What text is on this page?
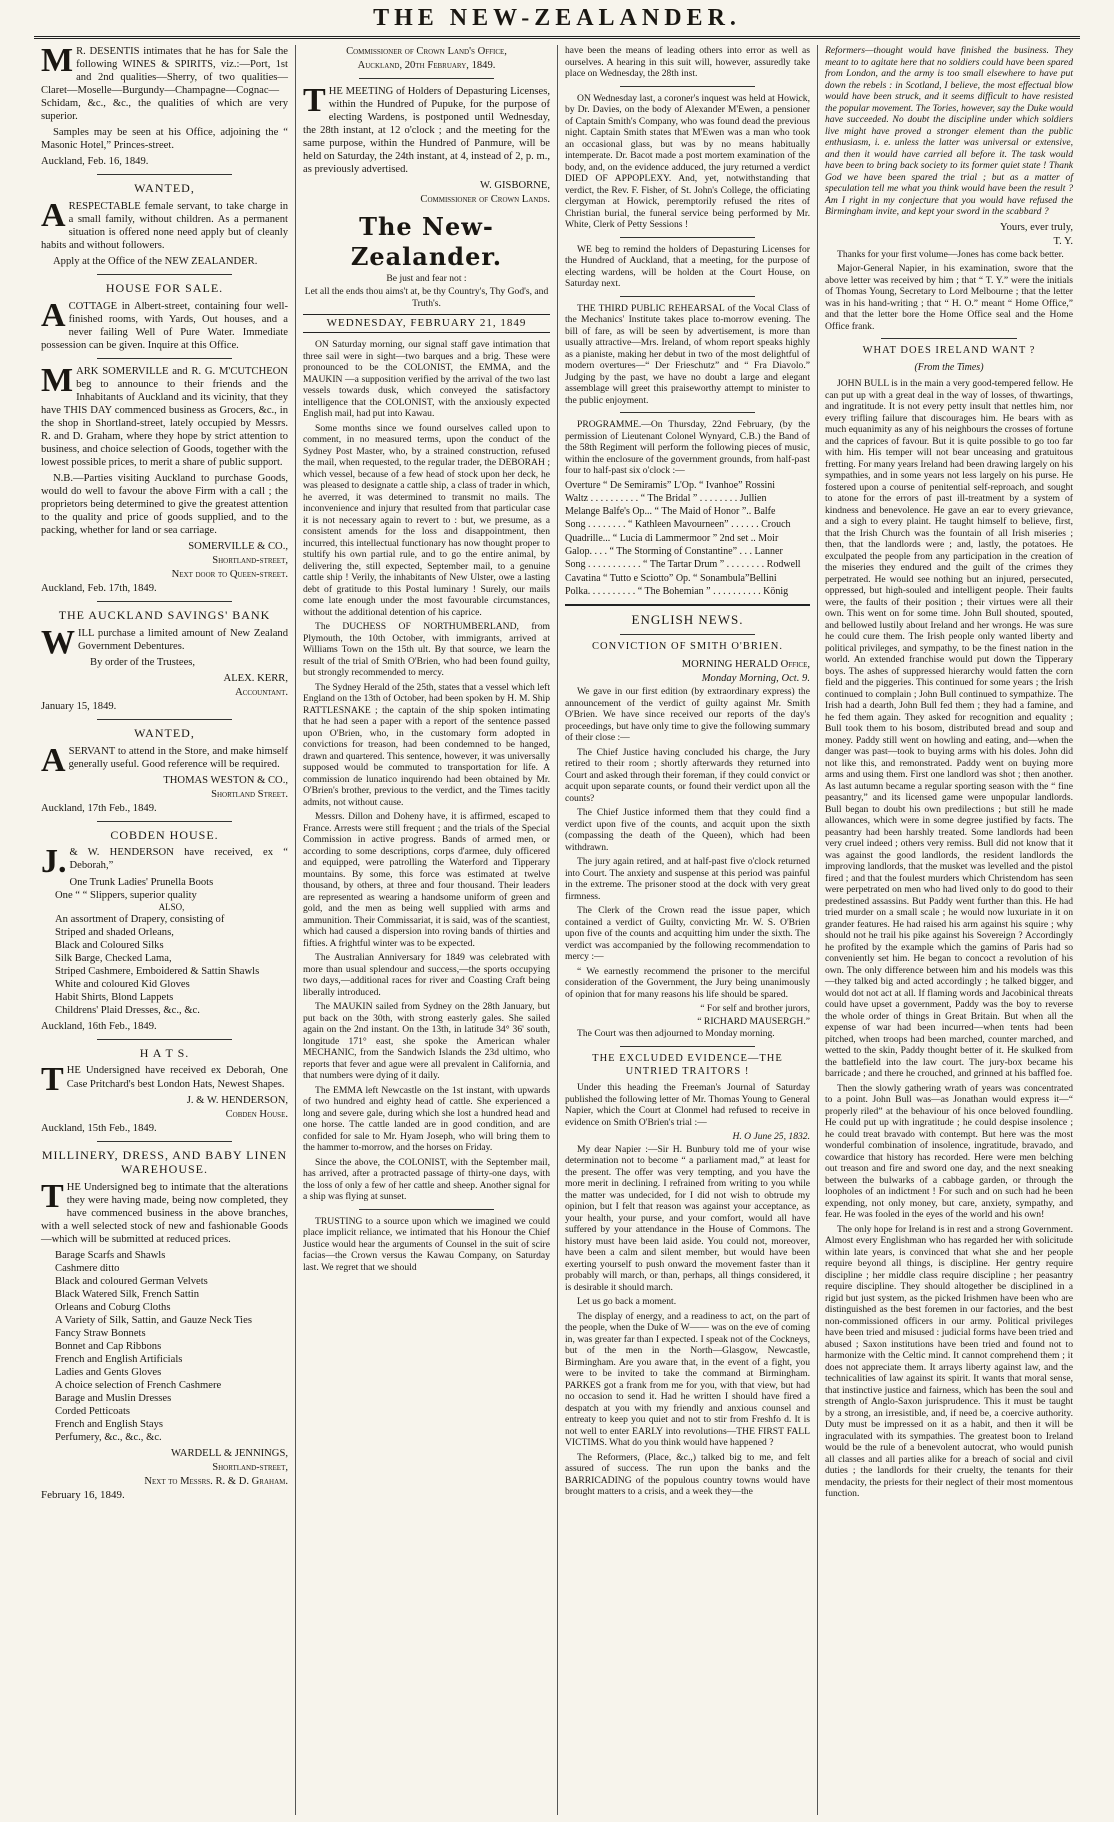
THE NEW-ZEALANDER.

M R. DESENTIS intimates that he has for Sale the following WINES & SPIRITS, viz.:—Port, 1st and 2nd qualities—Sherry, of two qualities—Claret—Moselle—Burgundy—Champagne—Cognac—Schidam, &c., &c., the qualities of which are very superior.

Samples may be seen at his Office, adjoining the “ Masonic Hotel,” Princes-street.

Auckland, Feb. 16, 1849.

WANTED,

ARESPECTABLE female servant, to take charge in a small family, without children. As a permanent situation is offered none need apply but of cleanly habits and without followers.

Apply at the Office of the NEW ZEALANDER.

HOUSE FOR SALE.

ACOTTAGE in Albert-street, containing four well-finished rooms, with Yards, Out houses, and a never failing Well of Pure Water. Immediate possession can be given. Inquire at this Office.

MARK SOMERVILLE and R. G. M'CUTCHEON beg to announce to their friends and the Inhabitants of Auckland and its vicinity, that they have THIS DAY commenced business as Grocers, &c., in the shop in Shortland-street, lately occupied by Messrs. R. and D. Graham, where they hope by strict attention to business, and choice selection of Goods, together with the lowest possible prices, to merit a share of public support.

N.B.—Parties visiting Auckland to purchase Goods, would do well to favour the above Firm with a call ; the proprietors being determined to give the greatest attention to the quality and price of goods supplied, and to the packing, whether for land or sea carriage.

SOMERVILLE & CO.,

Shortland-street,

Next door to Queen-street.

Auckland, Feb. 17th, 1849.

THE AUCKLAND SAVINGS' BANK

WILL purchase a limited amount of New Zealand Government Debentures.

By order of the Trustees,

ALEX. KERR,

Accountant.

January 15, 1849.

WANTED,

ASERVANT to attend in the Store, and make himself generally useful. Good reference will be required.

THOMAS WESTON & CO.,

Shortland Street.

Auckland, 17th Feb., 1849.

COBDEN HOUSE.

J. & W. HENDERSON have received, ex “ Deborah,”

One Trunk Ladies' Prunella Boots
One “ “ Slippers, superior quality
ALSO,
An assortment of Drapery, consisting of
Striped and shaded Orleans,
Black and Coloured Silks
Silk Barge, Checked Lama,
Striped Cashmere, Emboidered & Sattin Shawls
White and coloured Kid Gloves
Habit Shirts, Blond Lappets
Childrens' Plaid Dresses, &c., &c.

Auckland, 16th Feb., 1849.

H A T S.

THE Undersigned have received ex Deborah, One Case Pritchard's best London Hats, Newest Shapes.

J. & W. HENDERSON,

Cobden House.

Auckland, 15th Feb., 1849.

MILLINERY, DRESS, AND BABY LINEN WAREHOUSE.

THE Undersigned beg to intimate that the alterations they were having made, being now completed, they have commenced business in the above branches, with a well selected stock of new and fashionable Goods—which will be submitted at reduced prices.

Barage Scarfs and Shawls
Cashmere ditto
Black and coloured German Velvets
Black Watered Silk, French Sattin
Orleans and Coburg Cloths
A Variety of Silk, Sattin, and Gauze Neck Ties
Fancy Straw Bonnets
Bonnet and Cap Ribbons
French and English Artificials
Ladies and Gents Gloves
A choice selection of French Cashmere
Barage and Muslin Dresses
Corded Petticoats
French and English Stays
Perfumery, &c., &c., &c.

WARDELL & JENNINGS,

Shortland-street,

Next to Messrs. R. & D. Graham.

February 16, 1849.

Commissioner of Crown Land's Office,

Auckland, 20th February, 1849.

THE MEETING of Holders of Depasturing Licenses, within the Hundred of Pupuke, for the purpose of electing Wardens, is postponed until Wednesday, the 28th instant, at 12 o'clock ; and the meeting for the same purpose, within the Hundred of Panmure, will be held on Saturday, the 24th instant, at 4, instead of 2, p. m., as previously advertised.

W. GISBORNE,

Commissioner of Crown Lands.

The New-Zealander.

Be just and fear not :

Let all the ends thou aims't at, be thy Country's, Thy God's, and Truth's.

WEDNESDAY, FEBRUARY 21, 1849

ON Saturday morning, our signal staff gave intimation that three sail were in sight—two barques and a brig. These were pronounced to be the COLONIST, the EMMA, and the MAUKIN —a supposition verified by the arrival of the two last vessels towards dusk, which conveyed the satisfactory intelligence that the COLONIST, with the anxiously expected English mail, had put into Kawau.

Some months since we found ourselves called upon to comment, in no measured terms, upon the conduct of the Sydney Post Master, who, by a strained construction, refused the mail, when requested, to the regular trader, the DEBORAH ; which vessel, because of a few head of stock upon her deck, he was pleased to designate a cattle ship, a class of trader in which, he averred, it was determined to transmit no mails. The inconvenience and injury that resulted from that particular case it is not necessary again to revert to : but, we presume, as a consistent amends for the loss and disappointment, then incurred, this intellectual functionary has now thought proper to stultify his own partial rule, and to go the entire animal, by delivering the, still expected, September mail, to a genuine cattle ship ! Verily, the inhabitants of New Ulster, owe a lasting debt of gratitude to this Postal luminary ! Surely, our mails come late enough under the most favourable circumstances, without the additional detention of his caprice.

The DUCHESS OF NORTHUMBERLAND, from Plymouth, the 10th October, with immigrants, arrived at Williams Town on the 15th ult. By that source, we learn the result of the trial of Smith O'Brien, who had been found guilty, but strongly recommended to mercy.

The Sydney Herald of the 25th, states that a vessel which left England on the 13th of October, had been spoken by H. M. Ship RATTLESNAKE ; the captain of the ship spoken intimating that he had seen a paper with a report of the sentence passed upon O'Brien, who, in the customary form adopted in convictions for treason, had been condemned to be hanged, drawn and quartered. This sentence, however, it was universally supposed would be commuted to transportation for life. A commission de lunatico inquirendo had been obtained by Mr. O'Brien's brother, previous to the verdict, and the Times tacitly admits, not without cause.

Messrs. Dillon and Doheny have, it is affirmed, escaped to France. Arrests were still frequent ; and the trials of the Special Commission in active progress. Bands of armed men, or according to some descriptions, corps d'armee, duly officered and equipped, were patrolling the Waterford and Tipperary mountains. By some, this force was estimated at twelve thousand, by others, at three and four thousand. Their leaders are represented as wearing a handsome uniform of green and gold, and the men as being well supplied with arms and ammunition. Their Commissariat, it is said, was of the scantiest, which had caused a dispersion into roving bands of thirties and fifties. A frightful winter was to be expected.

The Australian Anniversary for 1849 was celebrated with more than usual splendour and success,—the sports occupying two days,—additional races for river and Coasting Craft being liberally introduced.

The MAUKIN sailed from Sydney on the 28th January, but put back on the 30th, with strong easterly gales. She sailed again on the 2nd instant. On the 13th, in latitude 34° 36' south, longitude 171° east, she spoke the American whaler MECHANIC, from the Sandwich Islands the 23d ultimo, who reports that fever and ague were all prevalent in California, and that numbers were dying of it daily.

The EMMA left Newcastle on the 1st instant, with upwards of two hundred and eighty head of cattle. She experienced a long and severe gale, during which she lost a hundred head and one horse. The cattle landed are in good condition, and are confided for sale to Mr. Hyam Joseph, who will bring them to the hammer to-morrow, and the horses on Friday.

Since the above, the COLONIST, with the September mail, has arrived, after a protracted passage of thirty-one days, with the loss of only a few of her cattle and sheep. Another signal for a ship was flying at sunset.

TRUSTING to a source upon which we imagined we could place implicit reliance, we intimated that his Honour the Chief Justice would hear the arguments of Counsel in the suit of scire facias—the Crown versus the Kawau Company, on Saturday last. We regret that we should

have been the means of leading others into error as well as ourselves. A hearing in this suit will, however, assuredly take place on Wednesday, the 28th inst.

ON Wednesday last, a coroner's inquest was held at Howick, by Dr. Davies, on the body of Alexander M'Ewen, a pensioner of Captain Smith's Company, who was found dead the previous night. Captain Smith states that M'Ewen was a man who took an occasional glass, but was by no means habitually intemperate. Dr. Bacot made a post mortem examination of the body, and, on the evidence adduced, the jury returned a verdict DIED OF APPOPLEXY. And, yet, notwithstanding that verdict, the Rev. F. Fisher, of St. John's College, the officiating clergyman at Howick, peremptorily refused the rites of Christian burial, the funeral service being performed by Mr. White, Clerk of Petty Sessions !

WE beg to remind the holders of Depasturing Licenses for the Hundred of Auckland, that a meeting, for the purpose of electing wardens, will be holden at the Court House, on Saturday next.

THE THIRD PUBLIC REHEARSAL of the Vocal Class of the Mechanics' Institute takes place to-morrow evening. The bill of fare, as will be seen by advertisement, is more than usually attractive—Mrs. Ireland, of whom report speaks highly as a pianiste, making her debut in two of the most delightful of modern overtures—“ Der Frieschutz” and “ Fra Diavolo.” Judging by the past, we have no doubt a large and elegant assemblage will greet this praiseworthy attempt to minister to the public enjoyment.

PROGRAMME.—On Thursday, 22nd February, (by the permission of Lieutenant Colonel Wynyard, C.B.) the Band of the 58th Regiment will perform the following pieces of music, within the enclosure of the government grounds, from half-past four to half-past six o'clock :—

Overture “ De Semiramis” L'Op. “ Ivanhoe” Rossini

Waltz . . . . . . . . . . “ The Bridal ” . . . . . . . . Jullien

Melange Balfe's Op... “ The Maid of Honor ”.. Balfe

Song . . . . . . . . “ Kathleen Mavourneen” . . . . . . Crouch

Quadrille... “ Lucia di Lammermoor ” 2nd set .. Moir

Galop. . . . “ The Storming of Constantine” . . . Lanner

Song . . . . . . . . . . . “ The Tartar Drum ” . . . . . . . . Rodwell

Cavatina “ Tutto e Sciotto” Op. “ Sonambula”Bellini

Polka. . . . . . . . . . “ The Bohemian ” . . . . . . . . . . König

ENGLISH NEWS.
CONVICTION OF SMITH O'BRIEN.

MORNING HERALD Office,

Monday Morning, Oct. 9.

We gave in our first edition (by extraordinary express) the announcement of the verdict of guilty against Mr. Smith O'Brien. We have since received our reports of the day's proceedings, but have only time to give the following summary of their close :—

The Chief Justice having concluded his charge, the Jury retired to their room ; shortly afterwards they returned into Court and asked through their foreman, if they could convict or acquit upon separate counts, or found their verdict upon all the counts?

The Chief Justice informed them that they could find a verdict upon five of the counts, and acquit upon the sixth (compassing the death of the Queen), which had been withdrawn.

The jury again retired, and at half-past five o'clock returned into Court. The anxiety and suspense at this period was painful in the extreme. The prisoner stood at the dock with very great firmness.

The Clerk of the Crown read the issue paper, which contained a verdict of Guilty, convicting Mr. W. S. O'Brien upon five of the counts and acquitting him under the sixth. The verdict was accompanied by the following recommendation to mercy :—

“ We earnestly recommend the prisoner to the merciful consideration of the Government, the Jury being unanimously of opinion that for many reasons his life should be spared.

“ For self and brother jurors,

“ RICHARD MAUSERGH.”

The Court was then adjourned to Monday morning.

THE EXCLUDED EVIDENCE—THE UNTRIED TRAITORS !

Under this heading the Freeman's Journal of Saturday published the following letter of Mr. Thomas Young to General Napier, which the Court at Clonmel had refused to receive in evidence on Smith O'Brien's trial :—

H. O June 25, 1832.

My dear Napier :—Sir H. Bunbury told me of your wise determination not to become “ a parliament mad,” at least for the present. The offer was very tempting, and you have the more merit in declining. I refrained from writing to you while the matter was undecided, for I did not wish to obtrude my opinion, but I felt that reason was against your acceptance, as your health, your purse, and your comfort, would all have suffered by your attendance in the House of Commons. The history must have been laid aside. You could not, moreover, have been a calm and silent member, but would have been exerting yourself to push onward the movement faster than it probably will march, or than, perhaps, all things considered, it is desirable it should march.

Let us go back a moment.

The display of energy, and a readiness to act, on the part of the people, when the Duke of W—— was on the eve of coming in, was greater far than I expected. I speak not of the Cockneys, but of the men in the North—Glasgow, Newcastle, Birmingham. Are you aware that, in the event of a fight, you were to be invited to take the command at Birmingham. PARKES got a frank from me for you, with that view, but had no occasion to send it. Had he written I should have fired a despatch at you with my friendly and anxious counsel and entreaty to keep you quiet and not to stir from Freshfo d. It is not well to enter EARLY into revolutions—THE FIRST FALL VICTIMS. What do you think would have happened ?

The Reformers, (Place, &c.,) talked big to me, and felt assured of success. The run upon the banks and the BARRICADING of the populous country towns would have brought matters to a crisis, and a week they—the

Reformers—thought would have finished the business. They meant to to agitate here that no soldiers could have been spared from London, and the army is too small elsewhere to have put down the rebels : in Scotland, I believe, the most effectual blow would have been struck, and it seems difficult to have resisted the popular movement. The Tories, however, say the Duke would have succeeded. No doubt the discipline under which soldiers live might have proved a stronger element than the public enthusiasm, i. e. unless the latter was universal or extensive, and then it would have carried all before it. The task would have been to bring back society to its former quiet state ! Thank God we have been spared the trial ; but as a matter of speculation tell me what you think would have been the result ? Am I right in my conjecture that you would have refused the Birmingham invite, and kept your sword in the scabbard ?

Yours, ever truly,

T. Y.

Thanks for your first volume—Jones has come back better.

Major-General Napier, in his examination, swore that the above letter was received by him ; that “ T. Y.” were the initials of Thomas Young, Secretary to Lord Melbourne ; that the letter was in his hand-writing ; that “ H. O.” meant “ Home Office,” and that the letter bore the Home Office seal and the Home Office frank.

WHAT DOES IRELAND WANT ?
(From the Times)

JOHN BULL is in the main a very good-tempered fellow. He can put up with a great deal in the way of losses, of thwartings, and ingratitude. It is not every petty insult that nettles him, nor every trifling failure that discourages him. He bears with as much equanimity as any of his neighbours the crosses of fortune and the caprices of favour. But it is quite possible to go too far with him. His temper will not bear unceasing and gratuitous fretting. For many years Ireland had been drawing largely on his sympathies, and in some years not less largely on his purse. He fostered upon a course of penitential self-reproach, and sought to atone for the errors of past ill-treatment by a system of kindness and benevolence. He gave an ear to every grievance, and a sigh to every plaint. He taught himself to believe, first, that the Irish Church was the fountain of all Irish miseries ; then, that the landlords were ; and, lastly, the potatoes. He exculpated the people from any participation in the creation of the miseries they endured and the guilt of the crimes they perpetrated. He would see nothing but an injured, persecuted, oppressed, but high-souled and intelligent people. Their faults were, the faults of their position ; their virtues were all their own. This went on for some time. John Bull shouted, spouted, and bellowed lustily about Ireland and her wrongs. He was sure he could cure them. The Irish people only wanted liberty and political privileges, and sympathy, to be the finest nation in the world. An extended franchise would put down the Tipperary boys. The ashes of suppressed hierarchy would fatten the corn field and the piggeries. This continued for some years ; the Irish continued to complain ; John Bull continued to sympathize. The Irish had a dearth, John Bull fed them ; they had a famine, and he fed them again. They asked for recognition and equality ; Bull took them to his bosom, distributed bread and soup and money. Paddy still went on howling and eating, and—when the danger was past—took to buying arms with his doles. John did not like this, and remonstrated. Paddy went on buying more arms and using them. First one landlord was shot ; then another. As last autumn became a regular sporting season with the “ fine peasantry,” and its licensed game were unpopular landlords. Bull began to doubt his own predilections ; but still he made allowances, which were in some degree justified by facts. The peasantry had been harshly treated. Some landlords had been very cruel indeed ; others very remiss. Bull did not know that it was against the good landlords, the resident landlords the improving landlords, that the musket was levelled and the pistol fired ; and that the foulest murders which Christendom has seen were perpetrated on men who had lived only to do good to their predestined assassins. But Paddy went further than this. He had tried murder on a small scale ; he would now luxuriate in it on grander features. He had raised his arm against his squire ; why should not he trail his pike against his Sovereign ? Accordingly he profited by the example which the gamins of Paris had so conveniently set him. He began to concoct a revolution of his own. The only difference between him and his models was this—they talked big and acted accordingly ; he talked bigger, and would dot not act at all. If flaming words and Jacobinical threats could have upset a government, Paddy was the boy to reverse the whole order of things in Great Britain. But when all the expense of war had been incurred—when tents had been pitched, when troops had been marched, counter marched, and wetted to the skin, Paddy thought better of it. He skulked from the battlefield into the law court. The jury-box became his barricade ; and there he crouched, and grinned at his baffled foe.

Then the slowly gathering wrath of years was concentrated to a point. John Bull was—as Jonathan would express it—“ properly riled” at the behaviour of his once beloved foundling. He could put up with ingratitude ; he could despise insolence ; he could treat bravado with contempt. But here was the most wonderful combination of insolence, ingratitude, bravado, and cowardice that history has recorded. Here were men belching out treason and fire and sword one day, and the next sneaking between the bulwarks of a cabbage garden, or through the loopholes of an indictment ! For such and on such had he been expending, not only money, but care, anxiety, sympathy, and fear. He was fooled in the eyes of the world and his own!

The only hope for Ireland is in rest and a strong Government. Almost every Englishman who has regarded her with solicitude within late years, is convinced that what she and her people require beyond all things, is discipline. Her gentry require discipline ; her middle class require discipline ; her peasantry require discipline. They should altogether be disciplined in a rigid but just system, as the picked Irishmen have been who are distinguished as the best foremen in our factories, and the best non-commissioned officers in our army. Political privileges have been tried and misused : judicial forms have been tried and abused ; Saxon institutions have been tried and found not to harmonize with the Celtic mind. It cannot comprehend them ; it does not appreciate them. It arrays liberty against law, and the technicalities of law against its spirit. It wants that moral sense, that instinctive justice and fairness, which has been the soul and strength of Anglo-Saxon jurisprudence. This it must be taught by a strong, an irresistible, and, if need be, a coercive authority. Duty must be impressed on it as a habit, and then it will be ingraculated with its sympathies. The greatest boon to Ireland would be the rule of a benevolent autocrat, who would punish all classes and all parties alike for a breach of social and civil duties ; the landlords for their cruelty, the tenants for their mendacity, the priests for their neglect of their most momentous function.
